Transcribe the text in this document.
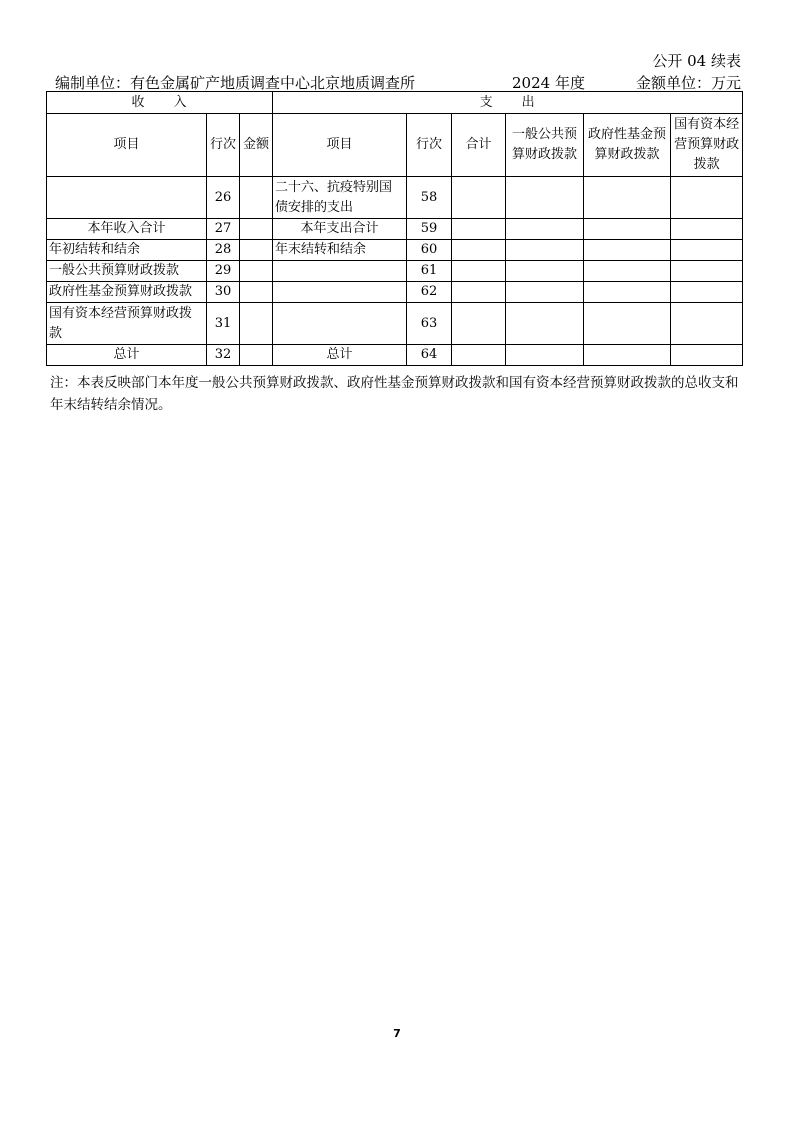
公开 04 续表
编制单位：有色金属矿产地质调查中心北京地质调查所	2024 年度	金额单位：万元
收　　入			支　　出					
项目	行次	金额	项目	行次	合计	一般公共预算财政拨款	政府性基金预算财政拨款	国有资本经营预算财政拨款
	26		二十六、抗疫特别国债安排的支出	58				
本年收入合计	27		本年支出合计	59				
年初结转和结余	28		年末结转和结余	60				
一般公共预算财政拨款	29			61				
政府性基金预算财政拨款	30			62				
国有资本经营预算财政拨款	31			63				
总计	32		总计	64				
注：本表反映部门本年度一般公共预算财政拨款、政府性基金预算财政拨款和国有资本经营预算财政拨款的总收支和年末结转结余情况。
7
